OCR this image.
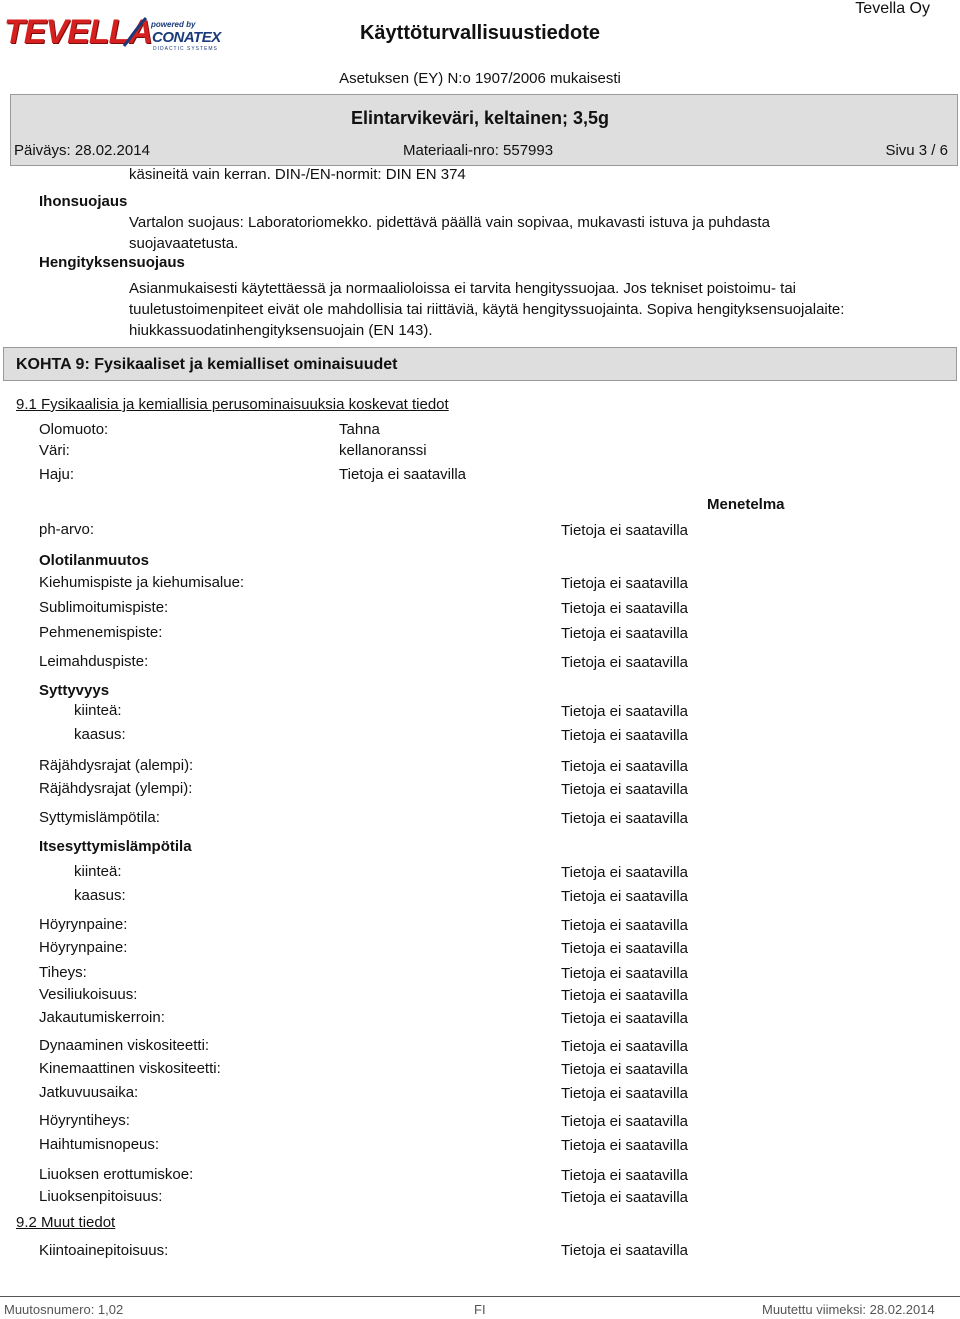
TEVELLA powered by
CONATEX
DIDACTIC SYSTEMS
Käyttöturvallisuustiedote
Tevella Oy
Asetuksen (EY) N:o 1907/2006 mukaisesti
Elintarvikeväri, keltainen; 3,5g
Päiväys: 28.02.2014	Materiaali-nro: 557993	Sivu 3 / 6
käsineitä vain kerran. DIN-/EN-normit: DIN EN 374
Ihonsuojaus
Vartalon suojaus: Laboratoriomekko. pidettävä päällä vain sopivaa, mukavasti istuva ja puhdasta suojavaatetusta.
Hengityksensuojaus
Asianmukaisesti käytettäessä ja normaalioloissa ei tarvita hengityssuojaa. Jos tekniset poistoimu- tai tuuletustoimenpiteet eivät ole mahdollisia tai riittäviä, käytä hengityssuojainta. Sopiva hengityksensuojalaite: hiukkassuodatinhengityksensuojain (EN 143).
KOHTA 9: Fysikaaliset ja kemialliset ominaisuudet
9.1 Fysikaalisia ja kemiallisia perusominaisuuksia koskevat tiedot
Olomuoto:	Tahna
Väri:	kellanoranssi
Haju:	Tietoja ei saatavilla
Menetelma
ph-arvo:	Tietoja ei saatavilla
Olotilanmuutos
Kiehumispiste ja kiehumisalue:	Tietoja ei saatavilla
Sublimoitumispiste:	Tietoja ei saatavilla
Pehmenemispiste:	Tietoja ei saatavilla
Leimahduspiste:	Tietoja ei saatavilla
Syttyvyys
kiinteä:	Tietoja ei saatavilla
kaasus:	Tietoja ei saatavilla
Räjähdysrajat (alempi):	Tietoja ei saatavilla
Räjähdysrajat (ylempi):	Tietoja ei saatavilla
Syttymislämpötila:	Tietoja ei saatavilla
Itsesyttymislämpötila
kiinteä:	Tietoja ei saatavilla
kaasus:	Tietoja ei saatavilla
Höyrynpaine:	Tietoja ei saatavilla
Höyrynpaine:	Tietoja ei saatavilla
Tiheys:	Tietoja ei saatavilla
Vesiliukoisuus:	Tietoja ei saatavilla
Jakautumiskerroin:	Tietoja ei saatavilla
Dynaaminen viskositeetti:	Tietoja ei saatavilla
Kinemaattinen viskositeetti:	Tietoja ei saatavilla
Jatkuvuusaika:	Tietoja ei saatavilla
Höyryntiheys:	Tietoja ei saatavilla
Haihtumisnopeus:	Tietoja ei saatavilla
Liuoksen erottumiskoe:	Tietoja ei saatavilla
Liuoksenpitoisuus:	Tietoja ei saatavilla
9.2 Muut tiedot
Kiintoainepitoisuus:	Tietoja ei saatavilla
Muutosnumero: 1,02	FI	Muutettu viimeksi: 28.02.2014
